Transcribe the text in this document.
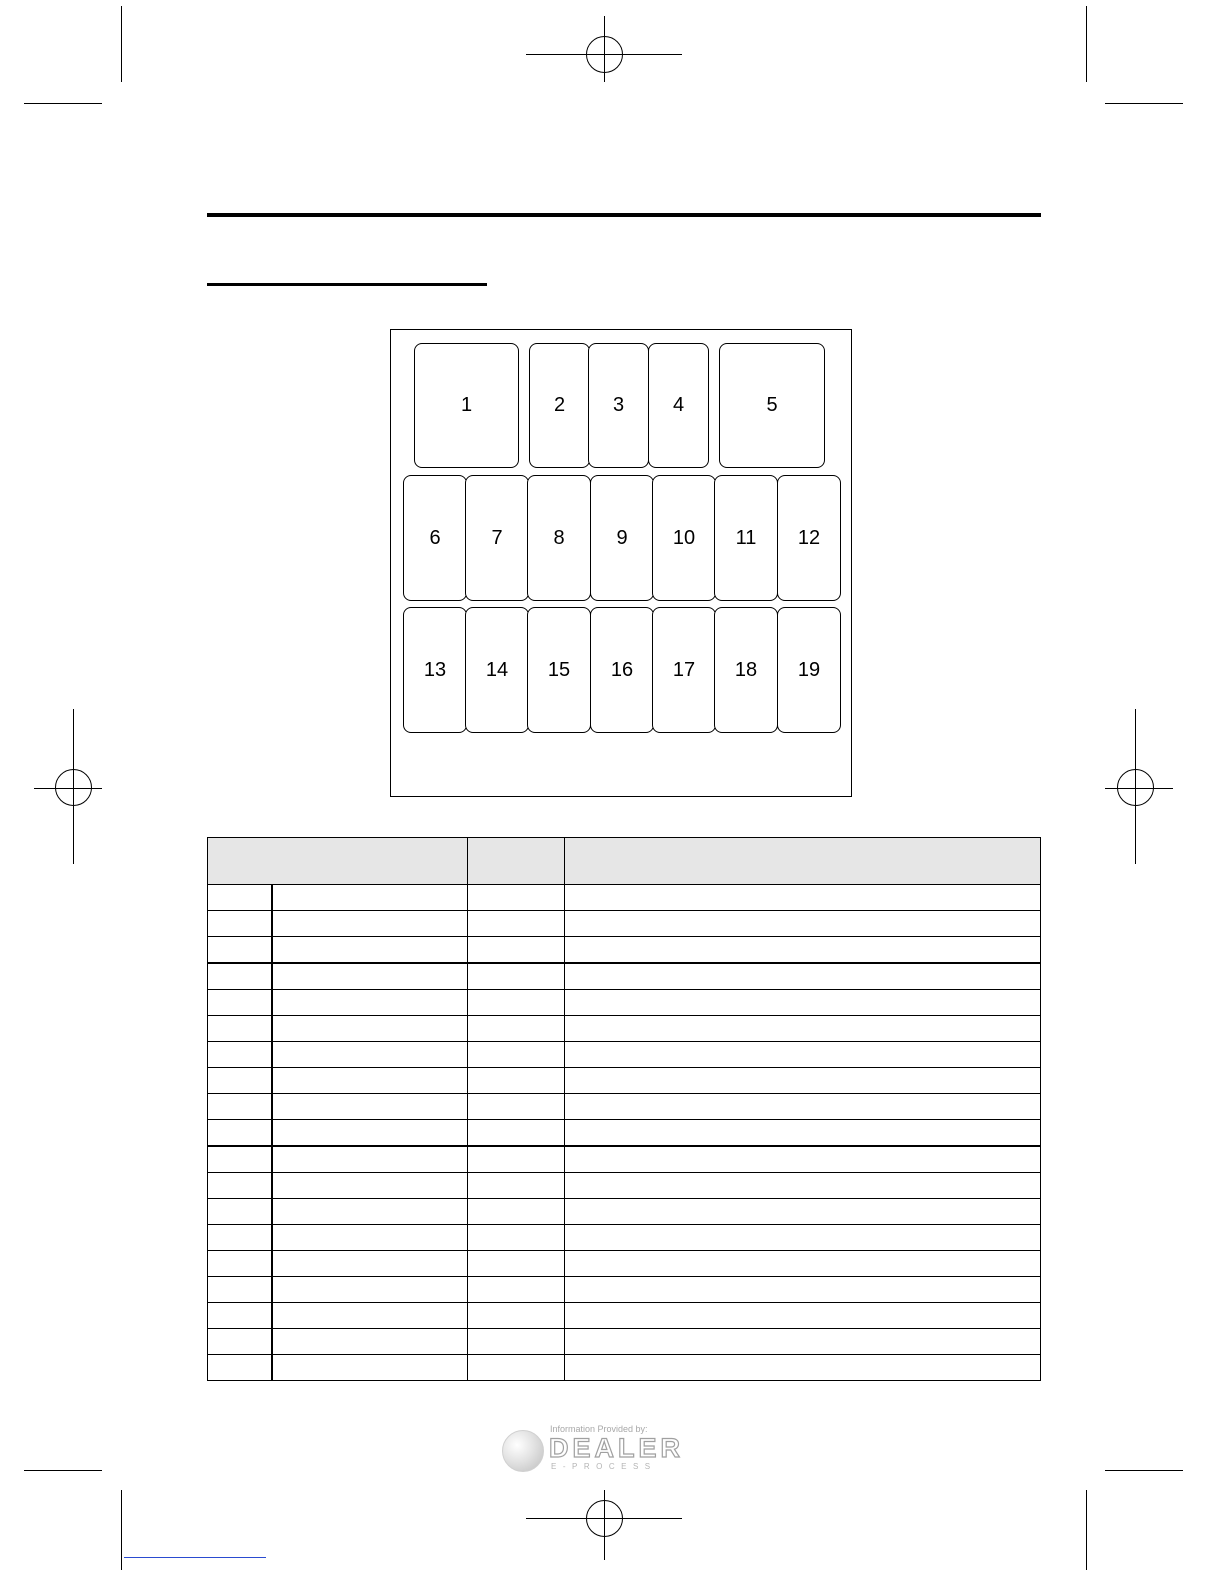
1	2	3	4	5
6	7	8	9	10	11	12
13	14	15	16	17	18	19

Information Provided by:
DEALER
E-PROCESS
